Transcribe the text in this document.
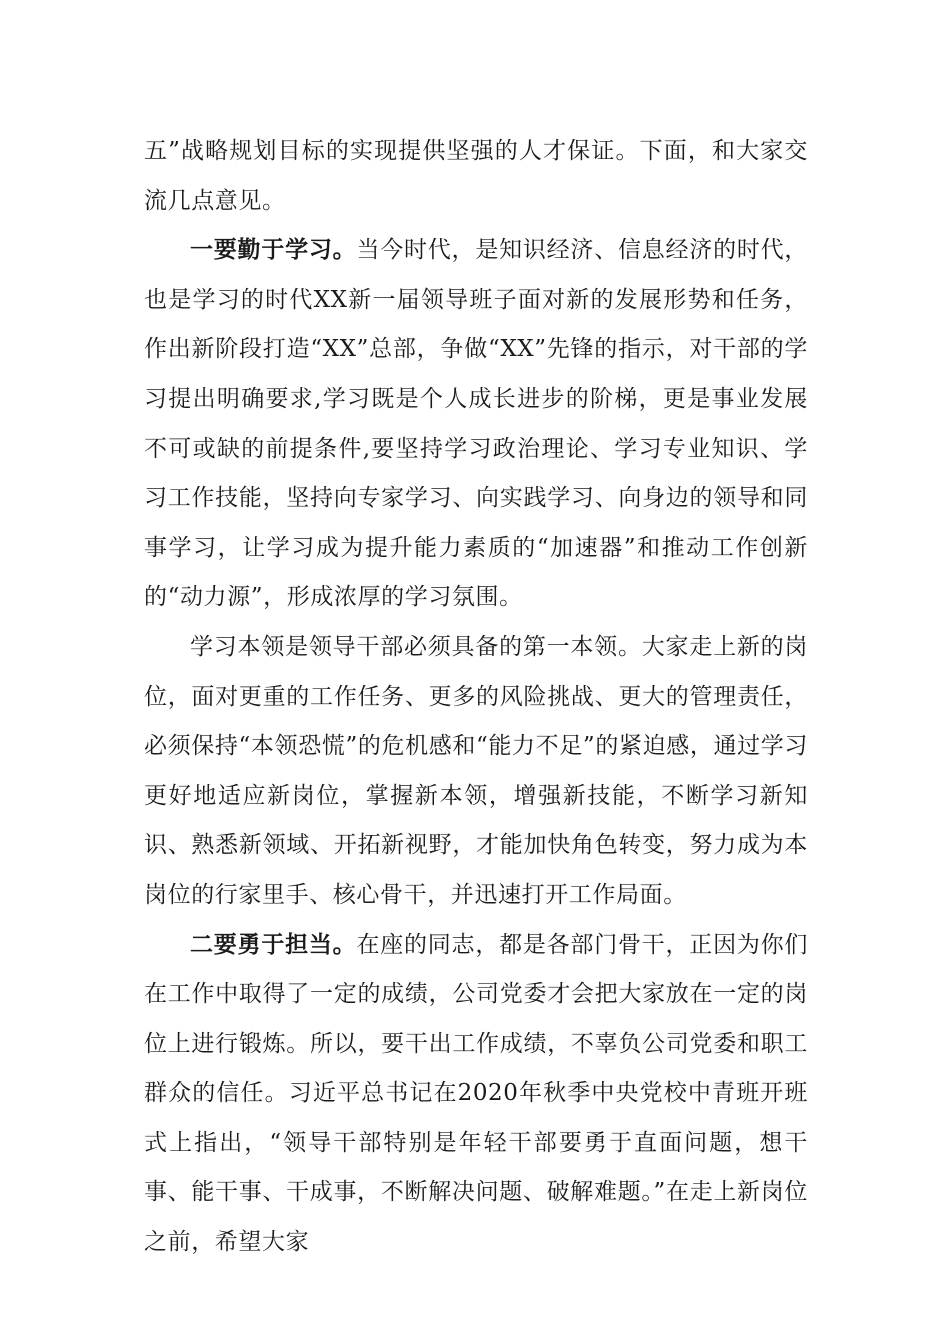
五”战略规划目标的实现提供坚强的人才保证。下面，和大家交流几点意见。

一要勤于学习。当今时代，是知识经济、信息经济的时代，也是学习的时代XX新一届领导班子面对新的发展形势和任务，作出新阶段打造“XX”总部，争做“XX”先锋的指示，对干部的学习提出明确要求,学习既是个人成长进步的阶梯，更是事业发展不可或缺的前提条件,要坚持学习政治理论、学习专业知识、学习工作技能，坚持向专家学习、向实践学习、向身边的领导和同事学习，让学习成为提升能力素质的“加速器”和推动工作创新的“动力源”，形成浓厚的学习氛围。

学习本领是领导干部必须具备的第一本领。大家走上新的岗位，面对更重的工作任务、更多的风险挑战、更大的管理责任，必须保持“本领恐慌”的危机感和“能力不足”的紧迫感，通过学习更好地适应新岗位，掌握新本领，增强新技能，不断学习新知识、熟悉新领域、开拓新视野，才能加快角色转变，努力成为本岗位的行家里手、核心骨干，并迅速打开工作局面。

二要勇于担当。在座的同志，都是各部门骨干，正因为你们在工作中取得了一定的成绩，公司党委才会把大家放在一定的岗位上进行锻炼。所以，要干出工作成绩，不辜负公司党委和职工群众的信任。习近平总书记在2020年秋季中央党校中青班开班式上指出，“领导干部特别是年轻干部要勇于直面问题，想干事、能干事、干成事，不断解决问题、破解难题。”在走上新岗位之前，希望大家
